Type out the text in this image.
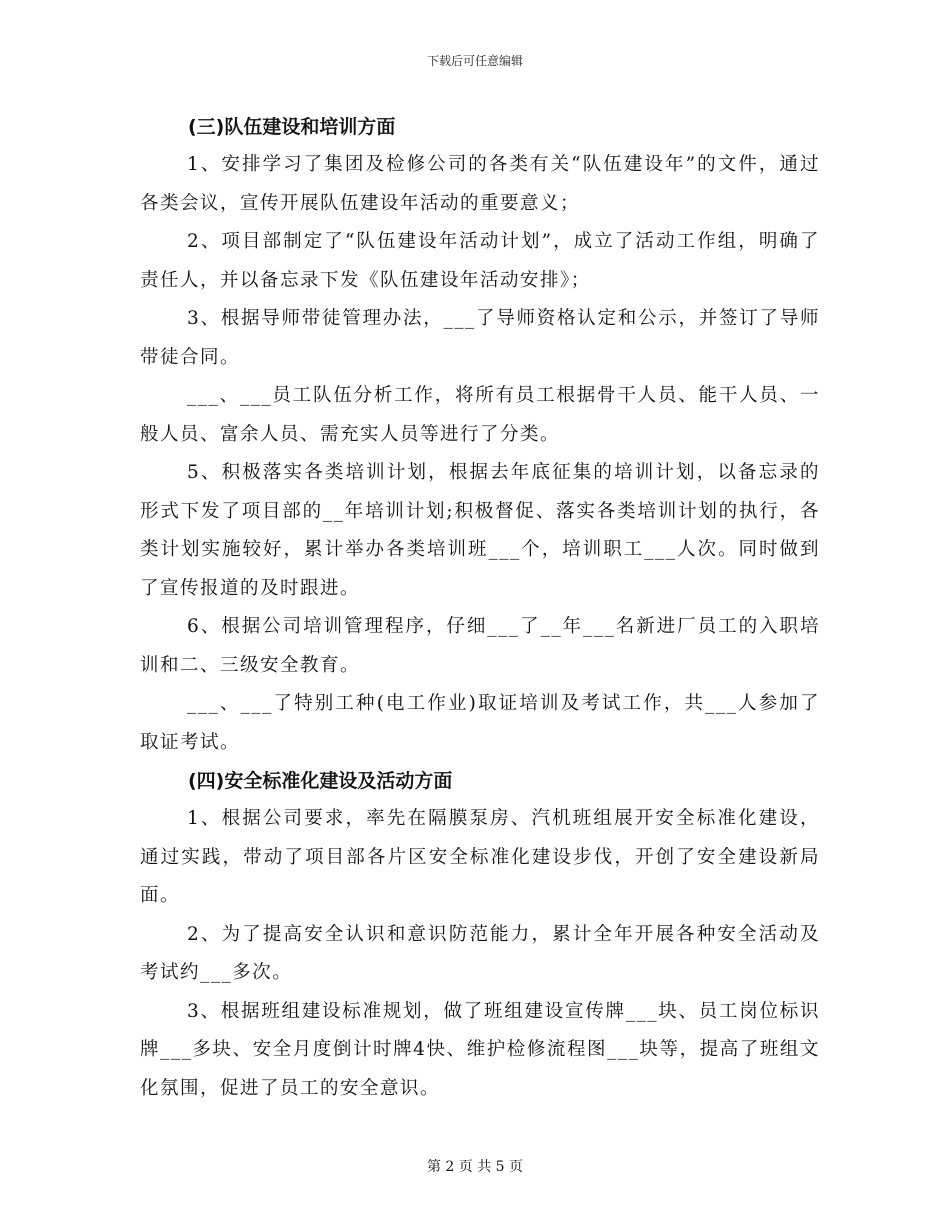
下载后可任意编辑

(三)队伍建设和培训方面

1、安排学习了集团及检修公司的各类有关“队伍建设年”的文件，通过各类会议，宣传开展队伍建设年活动的重要意义；

2、项目部制定了“队伍建设年活动计划”，成立了活动工作组，明确了责任人，并以备忘录下发《队伍建设年活动安排》；

3、根据导师带徒管理办法，___了导师资格认定和公示，并签订了导师带徒合同。

___、___员工队伍分析工作，将所有员工根据骨干人员、能干人员、一般人员、富余人员、需充实人员等进行了分类。

5、积极落实各类培训计划，根据去年底征集的培训计划，以备忘录的形式下发了项目部的__年培训计划;积极督促、落实各类培训计划的执行，各类计划实施较好，累计举办各类培训班___个，培训职工___人次。同时做到了宣传报道的及时跟进。

6、根据公司培训管理程序，仔细___了__年___名新进厂员工的入职培训和二、三级安全教育。

___、___了特别工种(电工作业)取证培训及考试工作，共___人参加了取证考试。

(四)安全标准化建设及活动方面

1、根据公司要求，率先在隔膜泵房、汽机班组展开安全标准化建设，通过实践，带动了项目部各片区安全标准化建设步伐，开创了安全建设新局面。

2、为了提高安全认识和意识防范能力，累计全年开展各种安全活动及考试约___多次。

3、根据班组建设标准规划，做了班组建设宣传牌___块、员工岗位标识牌___多块、安全月度倒计时牌4快、维护检修流程图___块等，提高了班组文化氛围，促进了员工的安全意识。

第 2 页 共 5 页
